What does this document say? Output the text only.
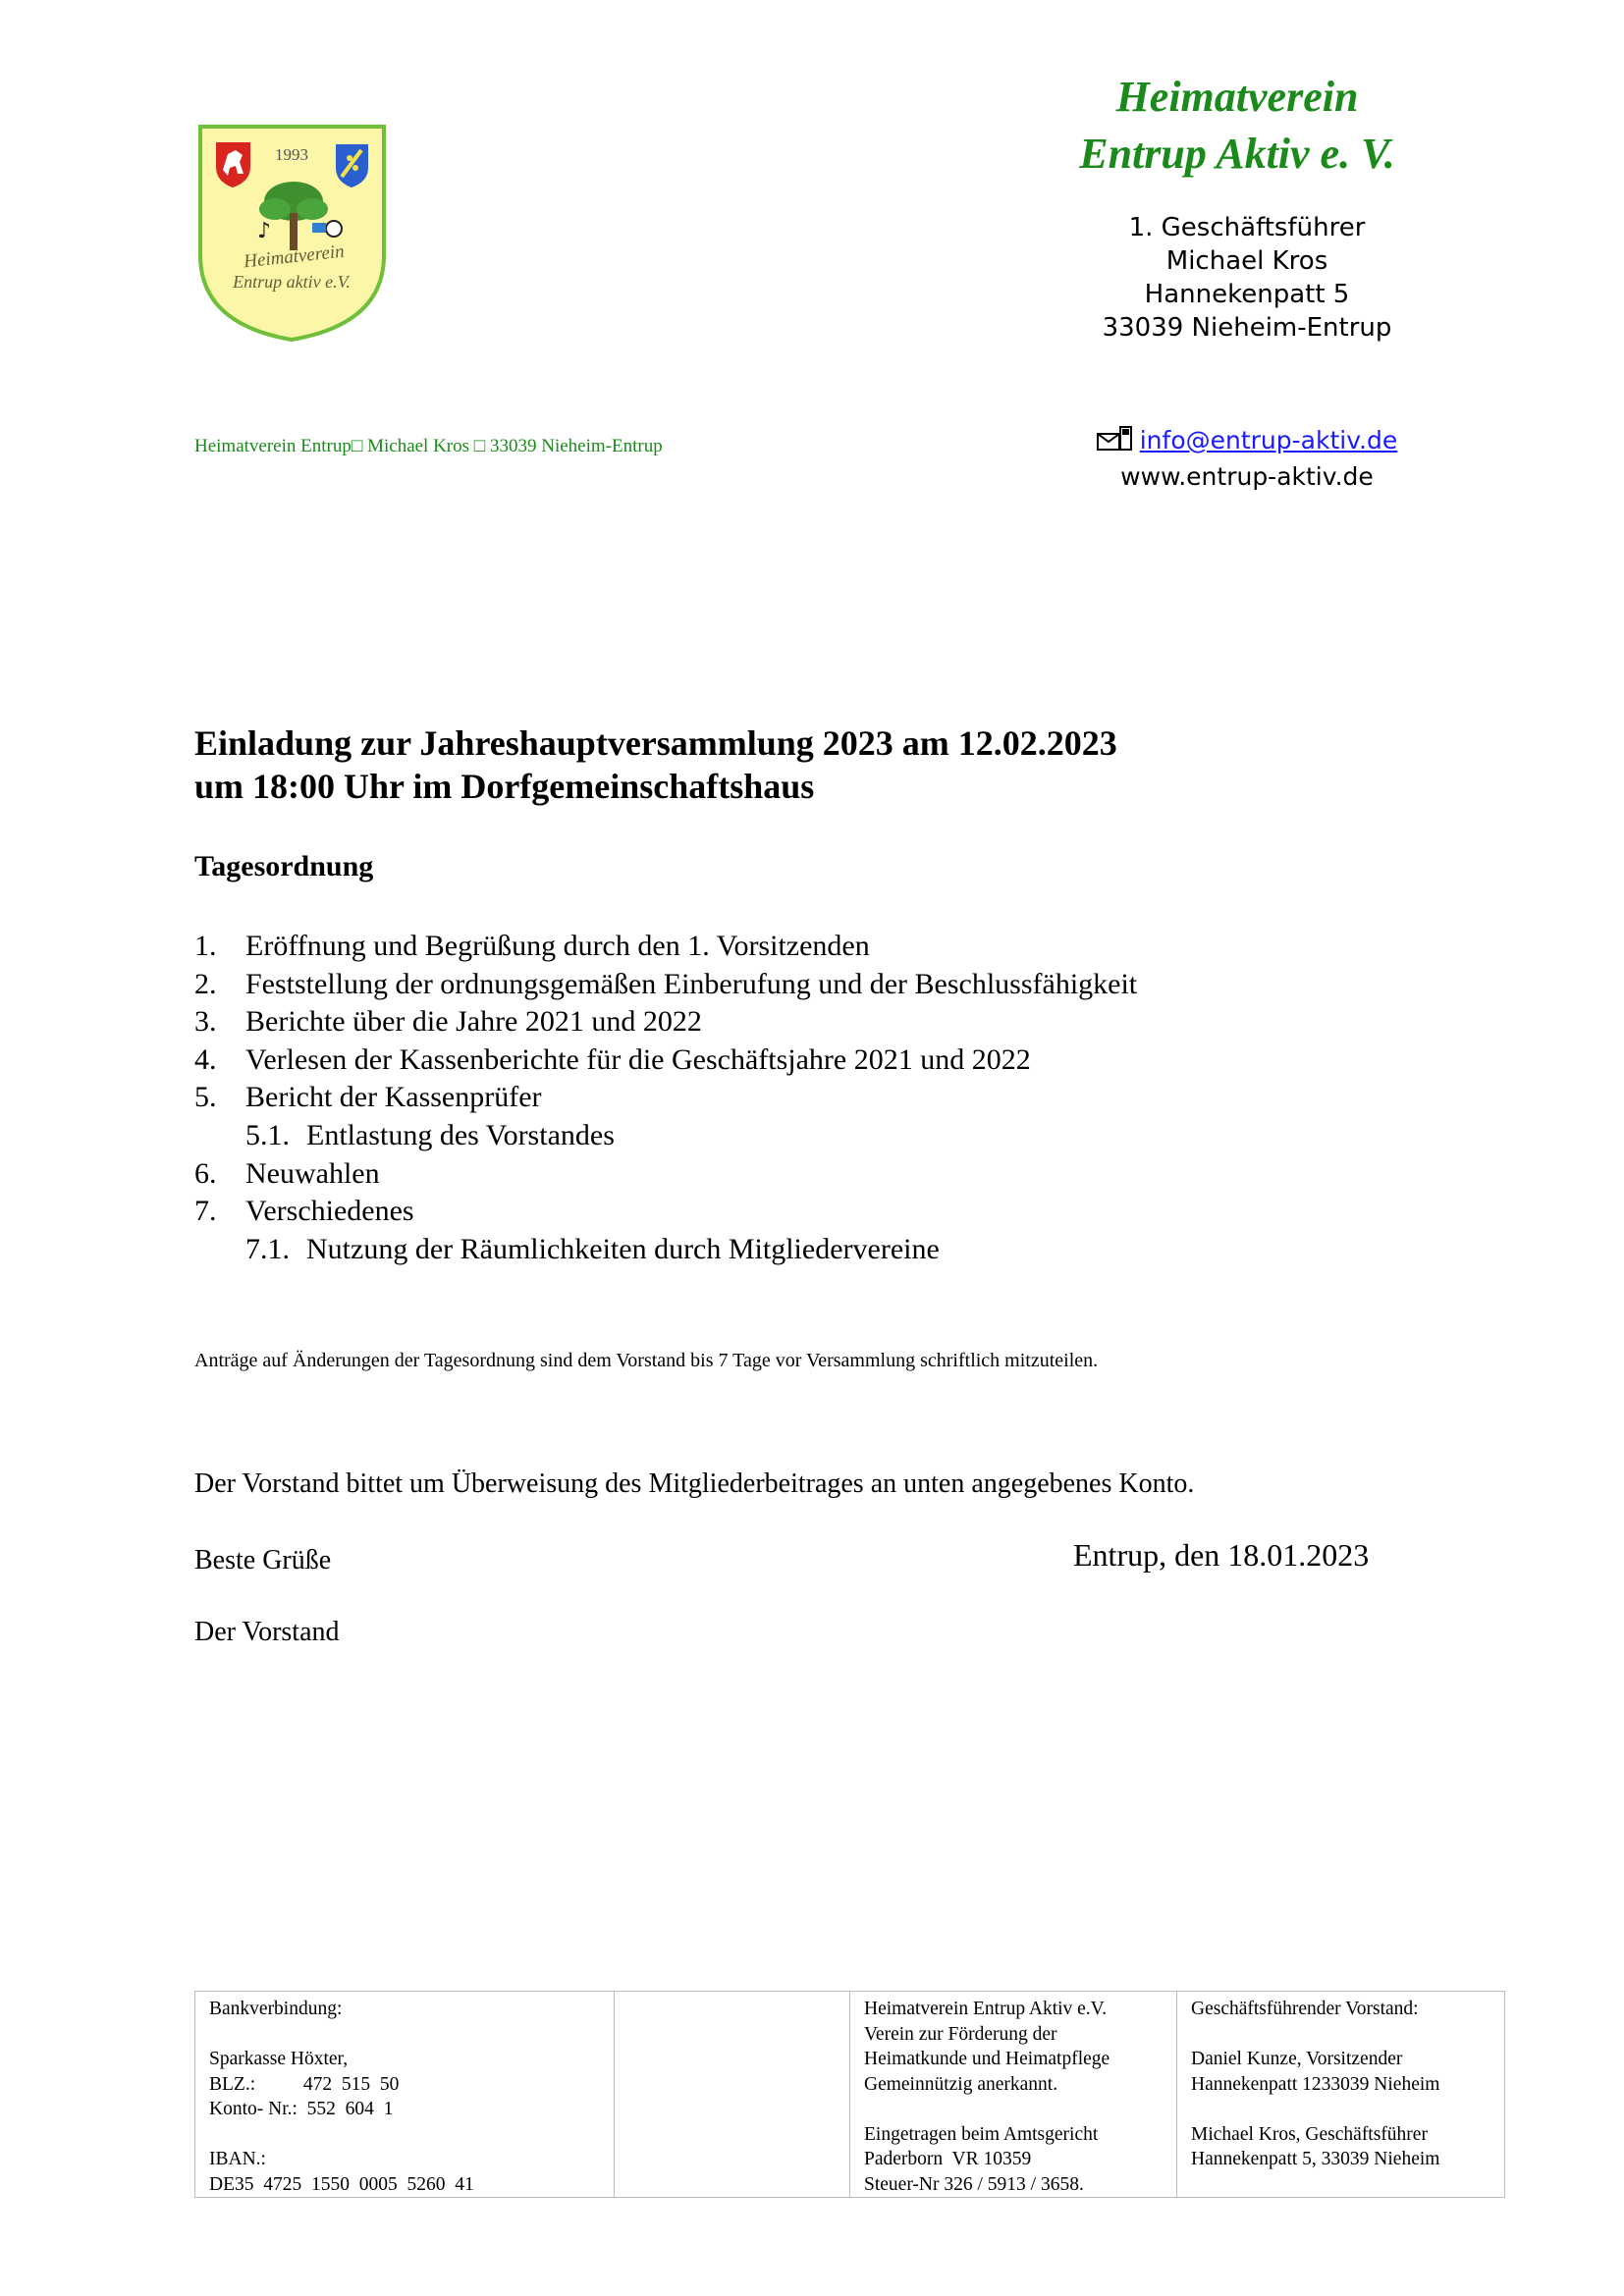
1993
♪
Heimatverein
Entrup aktiv e.V.
Heimatverein
Entrup Aktiv e. V.
1. Geschäftsführer
Michael Kros
Hannekenpatt 5
33039 Nieheim-Entrup
Heimatverein Entrup□ Michael Kros □ 33039 Nieheim-Entrup	info@entrup-aktiv.de
www.entrup-aktiv.de
Einladung zur Jahreshauptversammlung 2023 am 12.02.2023
um 18:00 Uhr im Dorfgemeinschaftshaus
Tagesordnung
1. Eröffnung und Begrüßung durch den 1. Vorsitzenden
2. Feststellung der ordnungsgemäßen Einberufung und der Beschlussfähigkeit
3. Berichte über die Jahre 2021 und 2022
4. Verlesen der Kassenberichte für die Geschäftsjahre 2021 und 2022
5. Bericht der Kassenprüfer
5.1. Entlastung des Vorstandes
6. Neuwahlen
7. Verschiedenes
7.1. Nutzung der Räumlichkeiten durch Mitgliedervereine
Anträge auf Änderungen der Tagesordnung sind dem Vorstand bis 7 Tage vor Versammlung schriftlich mitzuteilen.
Der Vorstand bittet um Überweisung des Mitgliederbeitrages an unten angegebenes Konto.
Beste Grüße	Entrup, den 18.01.2023
Der Vorstand
Bankverbindung:
Sparkasse Höxter,
BLZ.:          472  515  50
Konto- Nr.:  552  604  1
IBAN.:
DE35  4725  1550  0005  5260  41
Heimatverein Entrup Aktiv e.V.
Verein zur Förderung der
Heimatkunde und Heimatpflege
Gemeinnützig anerkannt.
Eingetragen beim Amtsgericht
Paderborn  VR 10359
Steuer-Nr 326 / 5913 / 3658.
Geschäftsführender Vorstand:
Daniel Kunze, Vorsitzender
Hannekenpatt 1233039 Nieheim
Michael Kros, Geschäftsführer
Hannekenpatt 5, 33039 Nieheim
